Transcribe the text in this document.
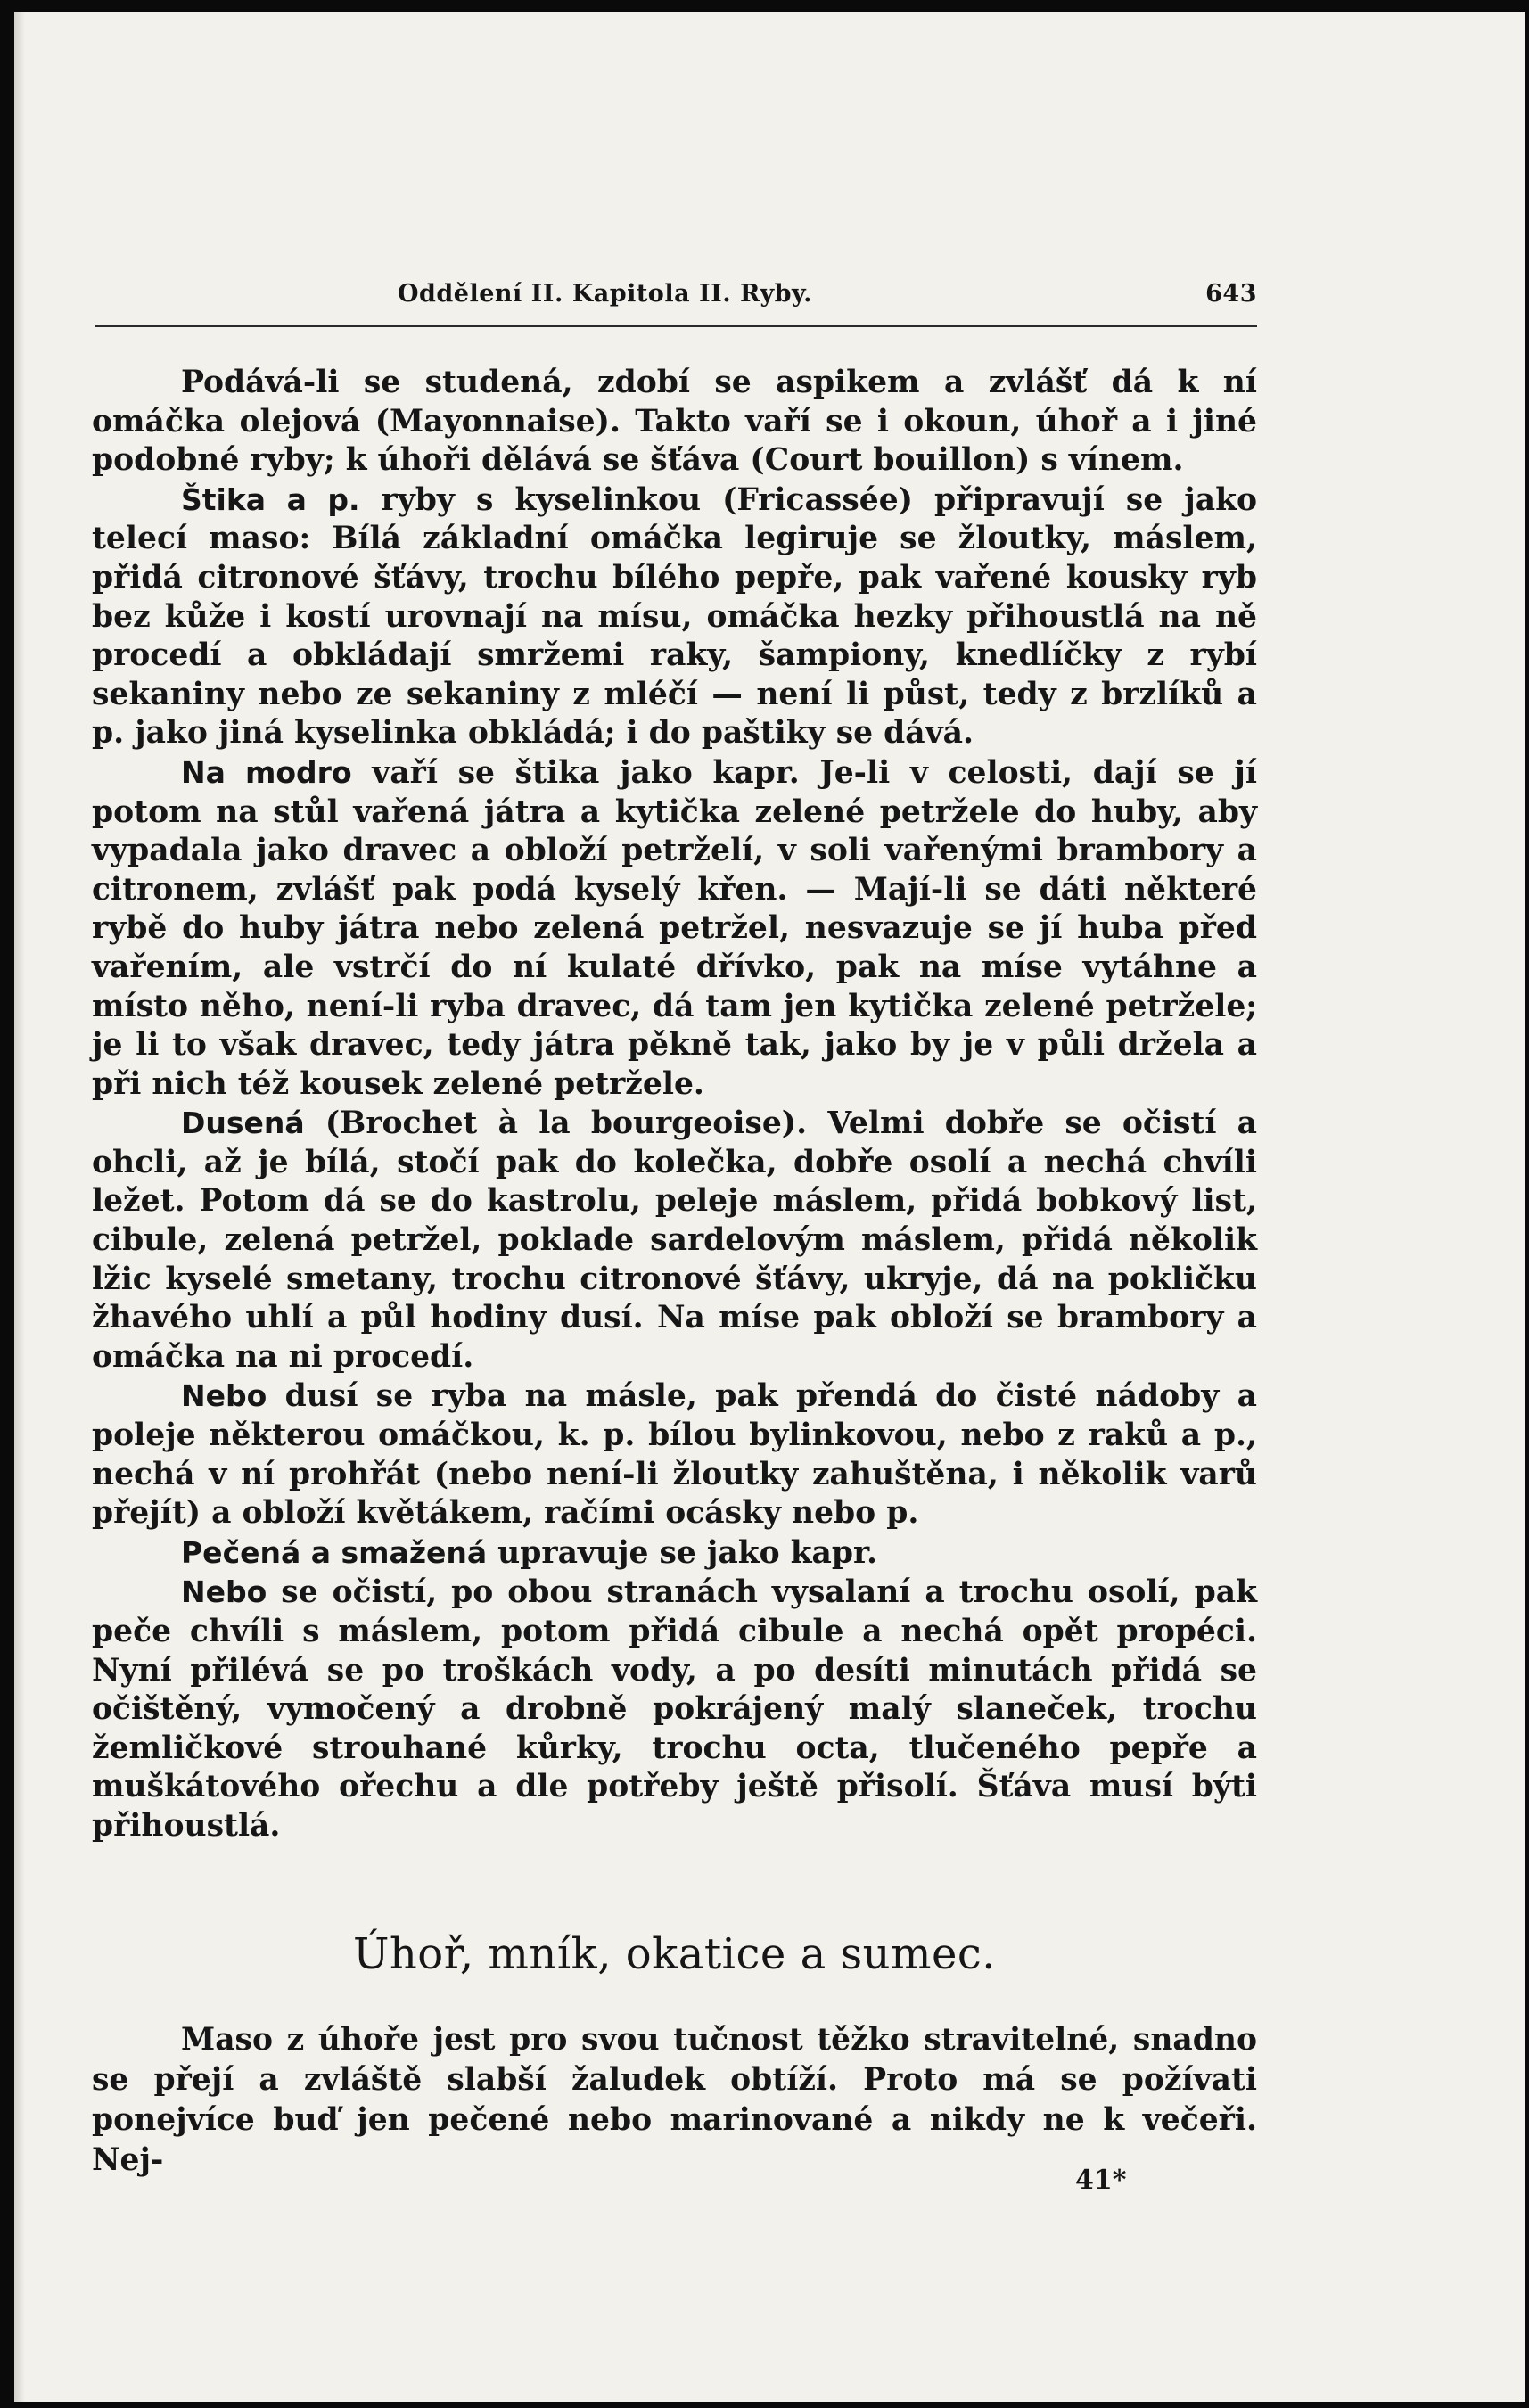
Oddělení II. Kapitola II. Ryby.	643

Podává-li se studená, zdobí se aspikem a zvlášť dá k ní omáčka olejová (Mayonnaise). Takto vaří se i okoun, úhoř a i jiné podobné ryby; k úhoři dělává se šťáva (Court bouillon) s vínem.

Štika a p. ryby s kyselinkou (Fricassée) připravují se jako telecí maso: Bílá základní omáčka legiruje se žloutky, máslem, přidá citronové šťávy, trochu bílého pepře, pak vařené kousky ryb bez kůže i kostí urovnají na mísu, omáčka hezky přihoustlá na ně procedí a obkládají smržemi raky, šampiony, knedlíčky z rybí sekaniny nebo ze sekaniny z mléčí — není li půst, tedy z brzlíků a p. jako jiná kyselinka obkládá; i do paštiky se dává.

Na modro vaří se štika jako kapr. Je-li v celosti, dají se jí potom na stůl vařená játra a kytička zelené petržele do huby, aby vypadala jako dravec a obloží petrželí, v soli vařenými brambory a citronem, zvlášť pak podá kyselý křen. — Mají-li se dáti některé rybě do huby játra nebo zelená petržel, nesvazuje se jí huba před vařením, ale vstrčí do ní kulaté dřívko, pak na míse vytáhne a místo něho, není-li ryba dravec, dá tam jen kytička zelené petržele; je li to však dravec, tedy játra pěkně tak, jako by je v půli držela a při nich též kousek zelené petržele.

Dusená (Brochet à la bourgeoise). Velmi dobře se očistí a ohcli, až je bílá, stočí pak do kolečka, dobře osolí a nechá chvíli ležet. Potom dá se do kastrolu, peleje máslem, přidá bobkový list, cibule, zelená petržel, poklade sardelovým máslem, přidá několik lžic kyselé smetany, trochu citronové šťávy, ukryje, dá na pokličku žhavého uhlí a půl hodiny dusí. Na míse pak obloží se brambory a omáčka na ni procedí.

Nebo dusí se ryba na másle, pak přendá do čisté nádoby a poleje některou omáčkou, k. p. bílou bylinkovou, nebo z raků a p., nechá v ní prohřát (nebo není-li žloutky zahuštěna, i několik varů přejít) a obloží květákem, račími ocásky nebo p.

Pečená a smažená upravuje se jako kapr.

Nebo se očistí, po obou stranách vysalaní a trochu osolí, pak peče chvíli s máslem, potom přidá cibule a nechá opět propéci. Nyní přilévá se po troškách vody, a po desíti minutách přidá se očištěný, vymočený a drobně pokrájený malý slaneček, trochu žemličkové strouhané kůrky, trochu octa, tlučeného pepře a muškátového ořechu a dle potřeby ještě přisolí. Šťáva musí býti přihoustlá.

Úhoř, mník, okatice a sumec.

Maso z úhoře jest pro svou tučnost těžko stravitelné, snadno se přejí a zvláště slabší žaludek obtíží. Proto má se požívati ponejvíce buď jen pečené nebo marinované a nikdy ne k večeři. Nej-

41*
